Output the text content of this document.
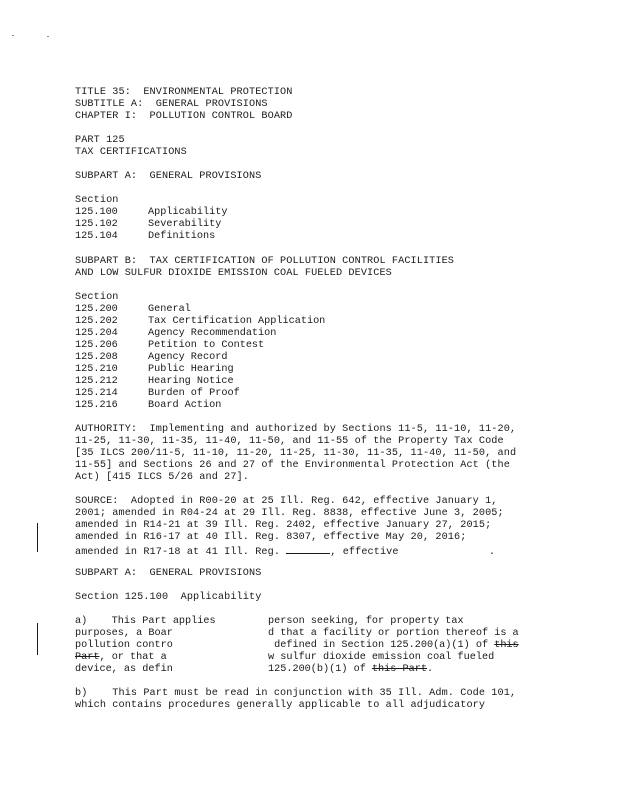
TITLE 35:  ENVIRONMENTAL PROTECTION
SUBTITLE A:  GENERAL PROVISIONS
CHAPTER I:  POLLUTION CONTROL BOARD
PART 125
TAX CERTIFICATIONS
SUBPART A:  GENERAL PROVISIONS
Section
125.100	Applicability
125.102	Severability
125.104	Definitions
SUBPART B:  TAX CERTIFICATION OF POLLUTION CONTROL FACILITIES
AND LOW SULFUR DIOXIDE EMISSION COAL FUELED DEVICES
Section
125.200	General
125.202	Tax Certification Application
125.204	Agency Recommendation
125.206	Petition to Contest
125.208	Agency Record
125.210	Public Hearing
125.212	Hearing Notice
125.214	Burden of Proof
125.216	Board Action
AUTHORITY:  Implementing and authorized by Sections 11-5, 11-10, 11-20,
11-25, 11-30, 11-35, 11-40, 11-50, and 11-55 of the Property Tax Code
[35 ILCS 200/11-5, 11-10, 11-20, 11-25, 11-30, 11-35, 11-40, 11-50, and
11-55] and Sections 26 and 27 of the Environmental Protection Act (the
Act) [415 ILCS 5/26 and 27].
SOURCE:  Adopted in R00-20 at 25 Ill. Reg. 642, effective January 1,
2001; amended in R04-24 at 29 Ill. Reg. 8838, effective June 3, 2005;
amended in R14-21 at 39 Ill. Reg. 2402, effective January 27, 2015;
amended in R16-17 at 40 Ill. Reg. 8307, effective May 20, 2016;
amended in R17-18 at 41 Ill. Reg.	, effective	.
SUBPART A:  GENERAL PROVISIONS
Section 125.100  Applicability
a)    This Part applies
purposes, a Boar
pollution contro
Part, or that a
device, as defin
person seeking, for property tax
d that a facility or portion thereof is a
defined in Section 125.200(a)(1) of this
w sulfur dioxide emission coal fueled
125.200(b)(1) of this Part.
b)    This Part must be read in conjunction with 35 Ill. Adm. Code 101,
which contains procedures generally applicable to all adjudicatory
